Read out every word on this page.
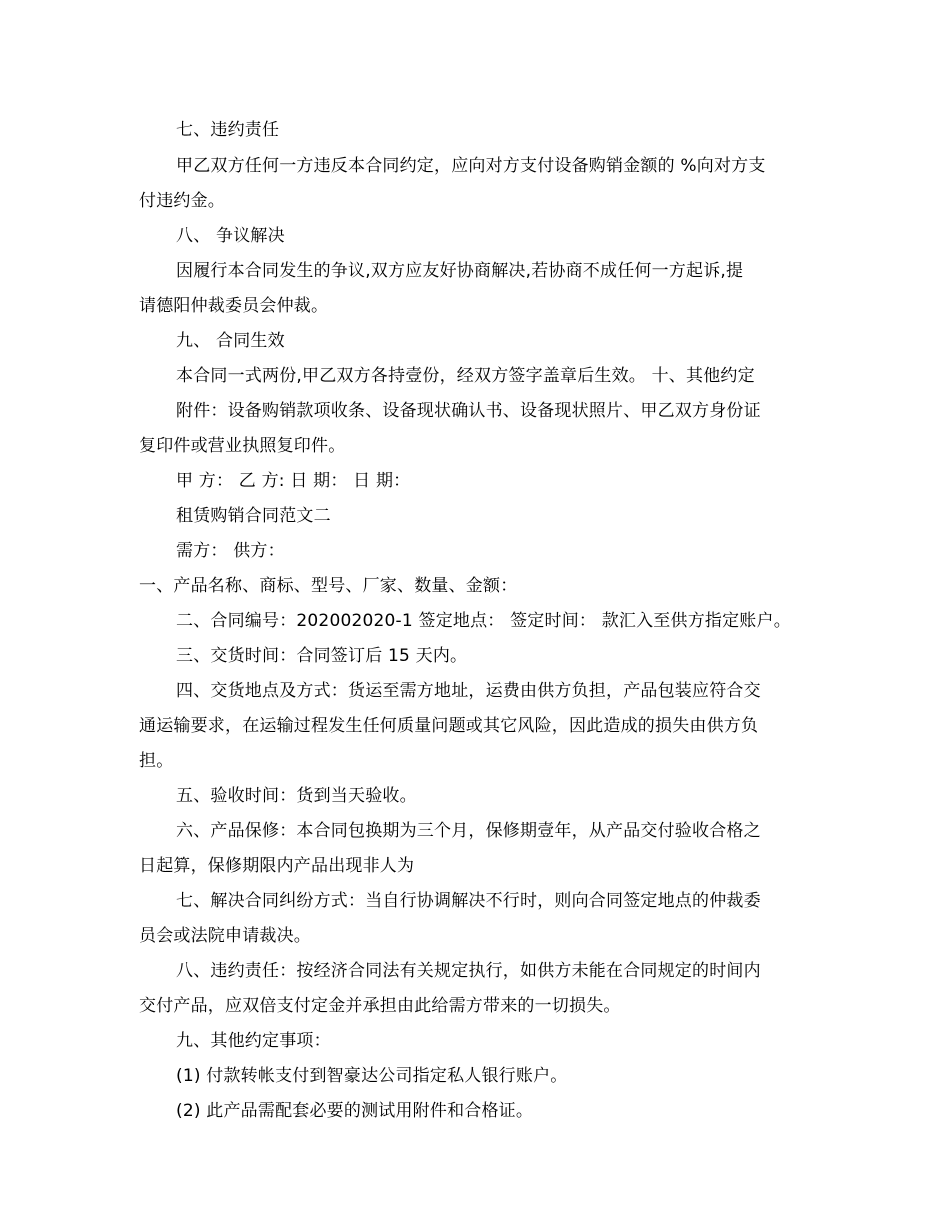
七、违约责任
甲乙双方任何一方违反本合同约定，应向对方支付设备购销金额的 %向对方支
付违约金。
八、 争议解决
因履行本合同发生的争议,双方应友好协商解决,若协商不成任何一方起诉,提
请德阳仲裁委员会仲裁。
九、 合同生效
本合同一式两份,甲乙双方各持壹份，经双方签字盖章后生效。 十、其他约定
附件：设备购销款项收条、设备现状确认书、设备现状照片、甲乙双方身份证
复印件或营业执照复印件。
甲 方： 乙 方: 日 期： 日 期：
租赁购销合同范文二
需方： 供方：
一、产品名称、商标、型号、厂家、数量、金额：
二、合同编号：202002020-1 签定地点： 签定时间： 款汇入至供方指定账户。
三、交货时间：合同签订后 15 天内。
四、交货地点及方式：货运至需方地址，运费由供方负担，产品包装应符合交
通运输要求，在运输过程发生任何质量问题或其它风险，因此造成的损失由供方负
担。
五、验收时间：货到当天验收。
六、产品保修：本合同包换期为三个月，保修期壹年，从产品交付验收合格之
日起算，保修期限内产品出现非人为
七、解决合同纠纷方式：当自行协调解决不行时，则向合同签定地点的仲裁委
员会或法院申请裁决。
八、违约责任：按经济合同法有关规定执行，如供方未能在合同规定的时间内
交付产品，应双倍支付定金并承担由此给需方带来的一切损失。
九、其他约定事项：
(1) 付款转帐支付到智豪达公司指定私人银行账户。
(2) 此产品需配套必要的测试用附件和合格证。
